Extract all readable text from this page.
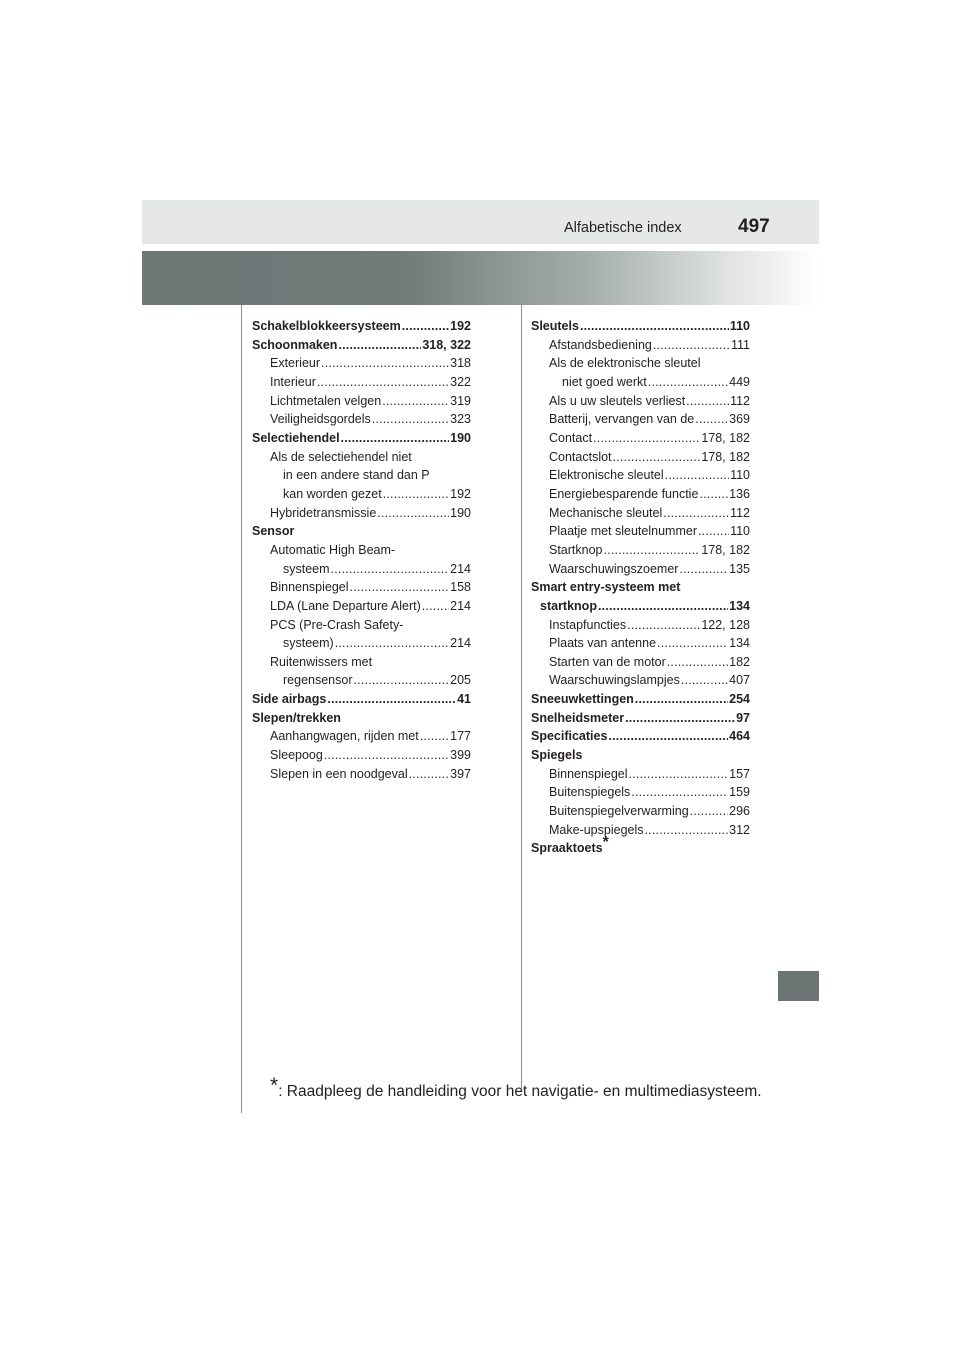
Alfabetische index	497
Schakelblokkeersysteem .....	192
Schoonmaken .....	318, 322
Exterieur .....	318
Interieur .....	322
Lichtmetalen velgen .....	319
Veiligheidsgordels .....	323
Selectiehendel .....	190
Als de selectiehendel niet
in een andere stand dan P
kan worden gezet .....	192
Hybridetransmissie .....	190
Sensor
Automatic High Beam-
systeem .....	214
Binnenspiegel .....	158
LDA (Lane Departure Alert) ..... 214
PCS (Pre-Crash Safety-
systeem) .....	214
Ruitenwissers met
regensensor .....	205
Side airbags .....	41
Slepen/trekken
Aanhangwagen, rijden met .....	177
Sleepoog .....	399
Slepen in een noodgeval .....	397
Sleutels .....	110
Afstandsbediening .....	111
Als de elektronische sleutel
niet goed werkt .....	449
Als u uw sleutels verliest .....	112
Batterij, vervangen van de .....	369
Contact .....	178, 182
Contactslot .....	178, 182
Elektronische sleutel .....	110
Energiebesparende functie ..... 136
Mechanische sleutel .....	112
Plaatje met sleutelnummer .....	110
Startknop .....	178, 182
Waarschuwingszoemer .....	135
Smart entry-systeem met
startknop .....	134
Instapfuncties .....	122, 128
Plaats van antenne .....	134
Starten van de motor .....	182
Waarschuwingslampjes .....	407
Sneeuwkettingen .....	254
Snelheidsmeter .....	97
Specificaties .....	464
Spiegels
Binnenspiegel .....	157
Buitenspiegels .....	159
Buitenspiegelverwarming .....	296
Make-upspiegels .....	312
Spraaktoets*
*: Raadpleeg de handleiding voor het navigatie- en multimediasysteem.
